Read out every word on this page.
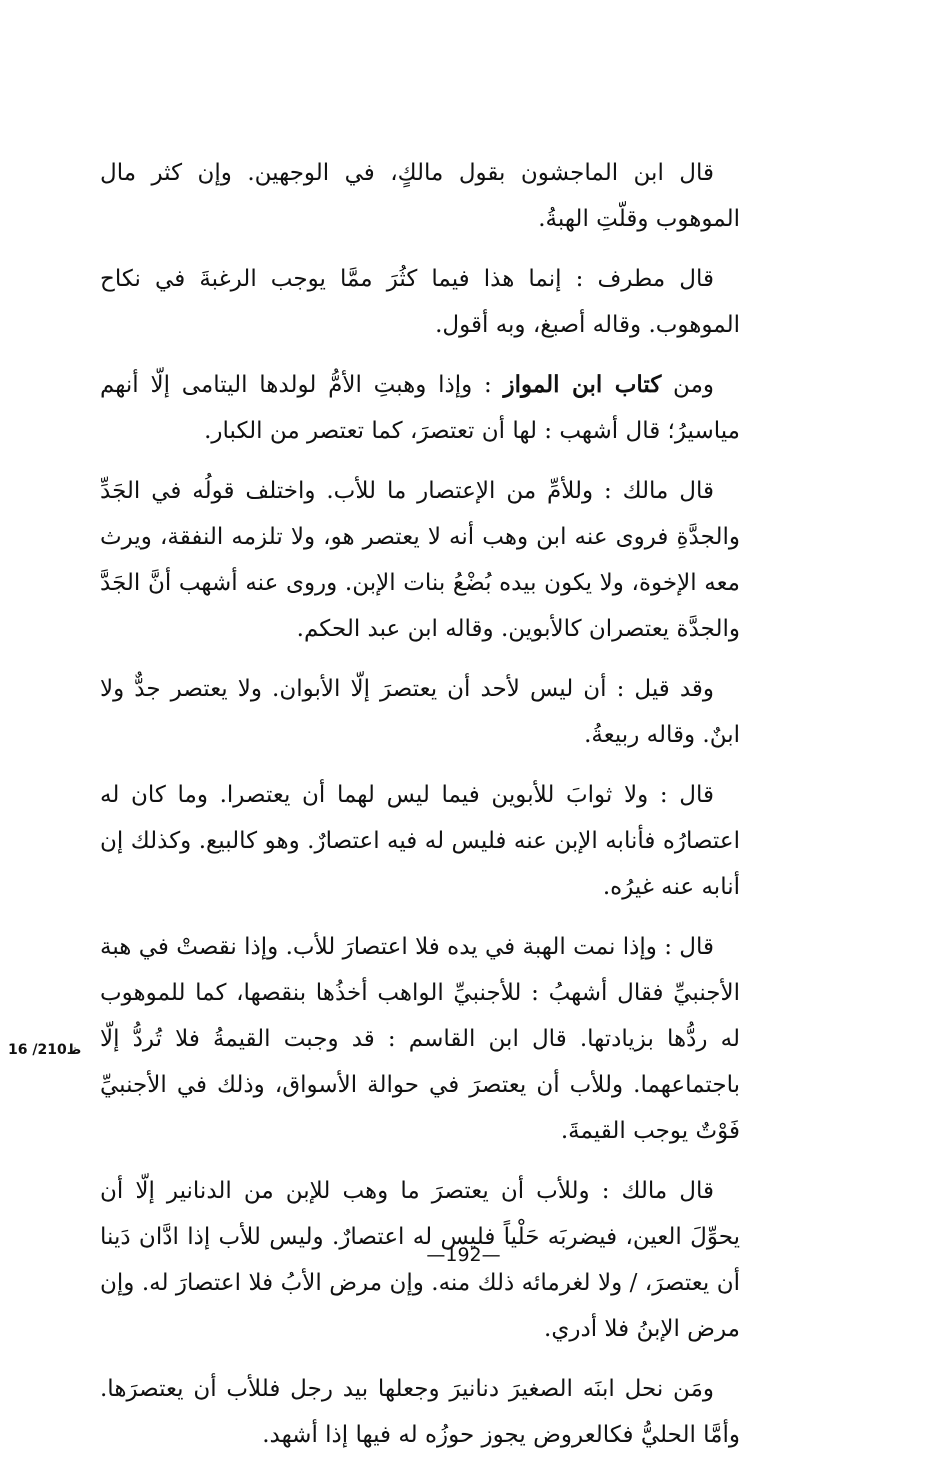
قال ابن الماجشون بقول مالكٍ، في الوجهين. وإن كثر مال الموهوب وقلّتِ الهبةُ.

قال مطرف : إنما هذا فيما كثُرَ ممَّا يوجب الرغبةَ في نكاح الموهوب. وقاله أصبغ، وبه أقول.

ومن كتاب ابن المواز : وإذا وهبتِ الأمُّ لولدها اليتامى إلّا أنهم مياسيرُ؛ قال أشهب : لها أن تعتصرَ، كما تعتصر من الكبار.

قال مالك : وللأمِّ من الإعتصار ما للأب. واختلف قولُه في الجَدِّ والجدَّةِ فروى عنه ابن وهب أنه لا يعتصر هو، ولا تلزمه النفقة، ويرث معه الإخوة، ولا يكون بيده بُضْعُ بنات الإبن. وروى عنه أشهب أنَّ الجَدَّ والجدَّة يعتصران كالأبوين. وقاله ابن عبد الحكم.

وقد قيل : أن ليس لأحد أن يعتصرَ إلّا الأبوان. ولا يعتصر جدٌّ ولا ابنٌ. وقاله ربيعةُ.

قال : ولا ثوابَ للأبوين فيما ليس لهما أن يعتصرا. وما كان له اعتصارُه فأنابه الإبن عنه فليس له فيه اعتصارٌ. وهو كالبيع. وكذلك إن أنابه عنه غيرُه.

قال : وإذا نمت الهبة في يده فلا اعتصارَ للأب. وإذا نقصتْ في هبة الأجنبيِّ فقال أشهبُ : للأجنبيِّ الواهب أخذُها بنقصها، كما للموهوب له ردُّها بزيادتها. قال ابن القاسم : قد وجبت القيمةُ فلا تُردُّ إلّا باجتماعهما. وللأب أن يعتصرَ في حوالة الأسواق، وذلك في الأجنبيِّ فَوْتٌ يوجب القيمةَ.

قال مالك : وللأب أن يعتصرَ ما وهب للإبن من الدنانير إلّا أن يحوِّلَ العين، فيضربَه حَلْياً فليس له اعتصارٌ. وليس للأب إذا ادَّان دَينا أن يعتصرَ، / ولا لغرمائه ذلك منه. وإن مرض الأبُ فلا اعتصارَ له. وإن مرض الإبنُ فلا أدري.

ومَن نحل ابنَه الصغيرَ دنانيرَ وجعلها بيد رجل فللأب أن يعتصرَها. وأمَّا الحليُّ فكالعروض يجوز حوزُه له فيها إذا أشهد.

16 /210ظ
—192—
